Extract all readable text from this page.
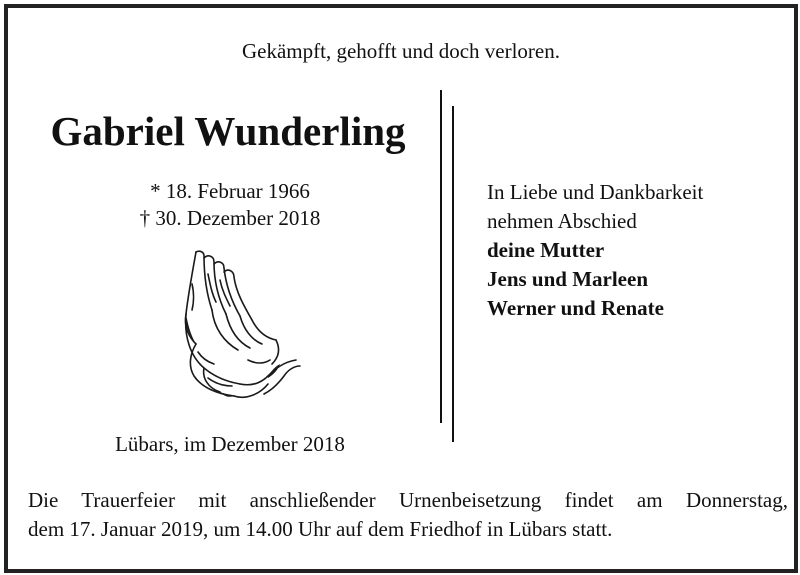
Gekämpft, gehofft und doch verloren.
Gabriel Wunderling
* 18. Februar 1966
† 30. Dezember 2018
Lübars, im Dezember 2018
In Liebe und Dankbarkeit
nehmen Abschied
deine Mutter
Jens und Marleen
Werner und Renate
Die Trauerfeier mit anschließender Urnenbeisetzung findet am Donnerstag,
dem 17. Januar 2019, um 14.00 Uhr auf dem Friedhof in Lübars statt.
